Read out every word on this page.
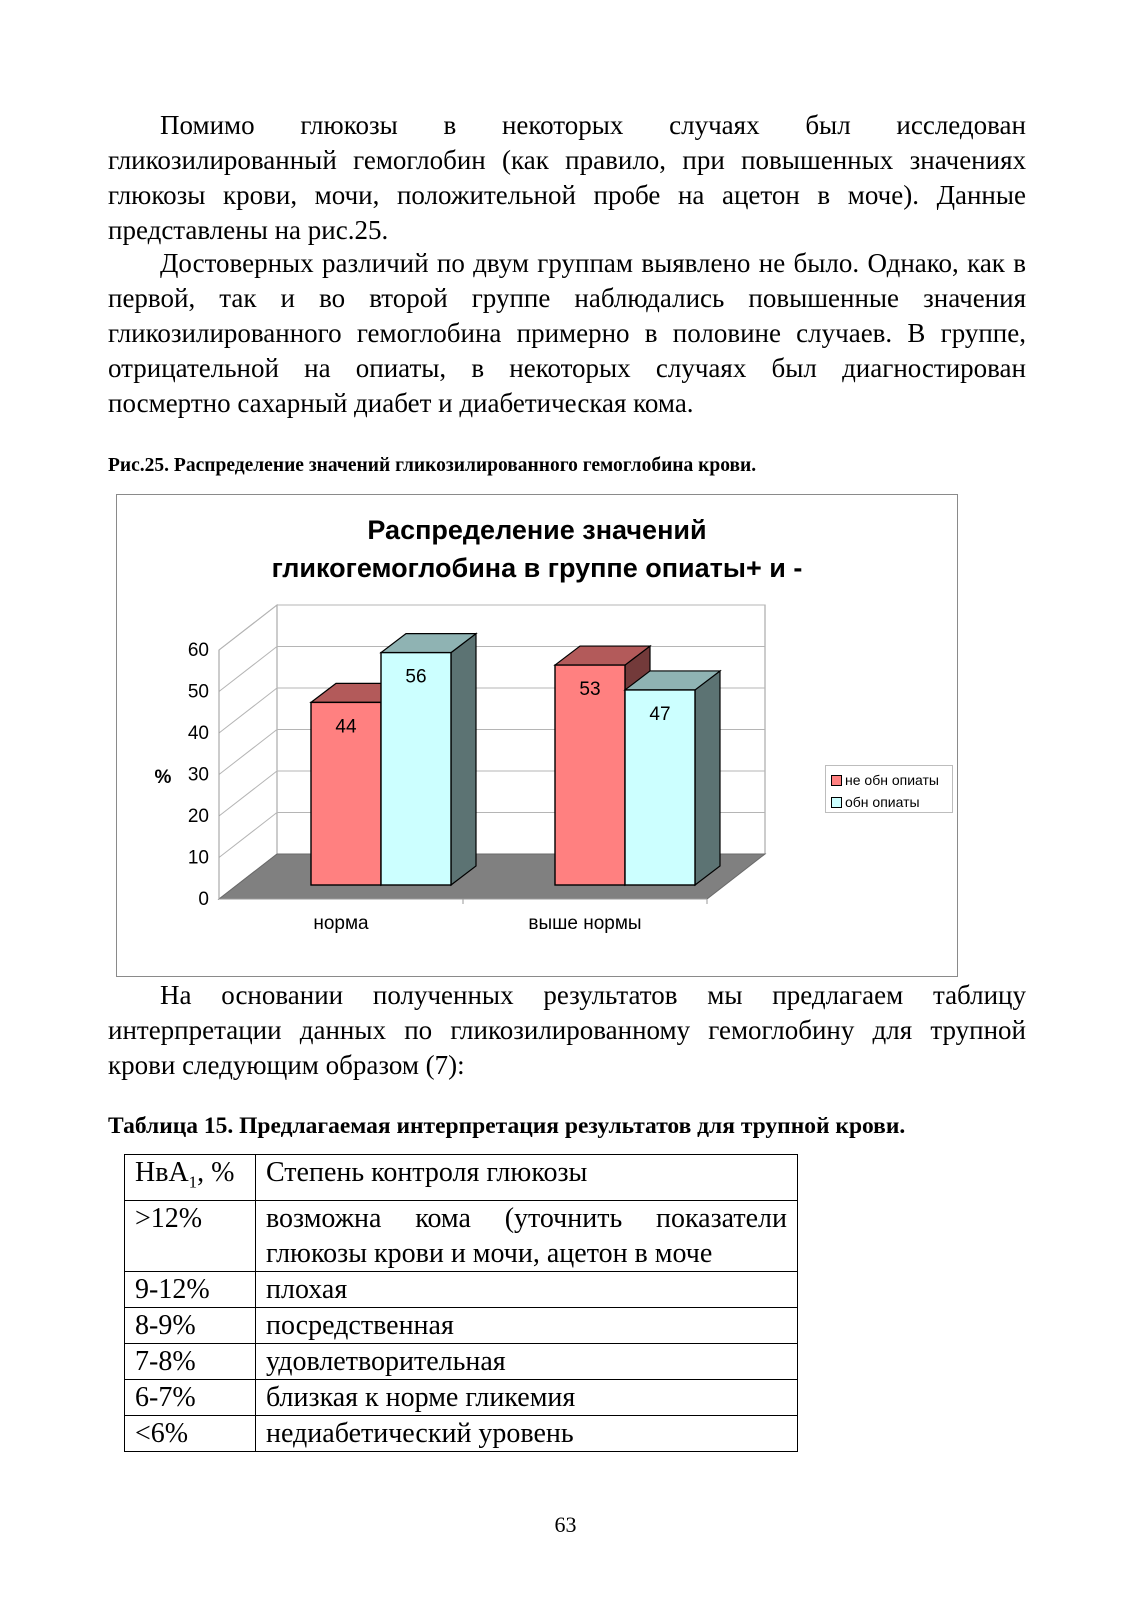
Помимо глюкозы в некоторых случаях был исследован гликозилированный гемоглобин (как правило, при повышенных значениях глюкозы крови, мочи, положительной пробе на ацетон в моче). Данные представлены на рис.25.

Достоверных различий по двум группам выявлено не было. Однако, как в первой, так и во второй группе наблюдались повышенные значения гликозилированного гемоглобина примерно в половине случаев. В группе, отрицательной на опиаты, в некоторых случаях был диагностирован посмертно сахарный диабет и диабетическая кома.

Рис.25. Распределение значений гликозилированного гемоглобина крови.

Распределение значений
гликогемоглобина в группе опиаты+ и -
0
10
20
30
40
50
60
%
44
56
норма
53
47
выше нормы
не обн опиаты
обн опиаты

На основании полученных результатов мы предлагаем таблицу интерпретации данных по гликозилированному гемоглобину для трупной крови следующим образом (7):

Таблица 15. Предлагаемая интерпретация результатов для трупной крови.

НвА$_1$, %	Степень контроля глюкозы
>12%	возможна кома (уточнить показатели глюкозы крови и мочи, ацетон в моче
9-12%	плохая
8-9%	посредственная
7-8%	удовлетворительная
6-7%	близкая к норме гликемия
<6%	недиабетический уровень
63
